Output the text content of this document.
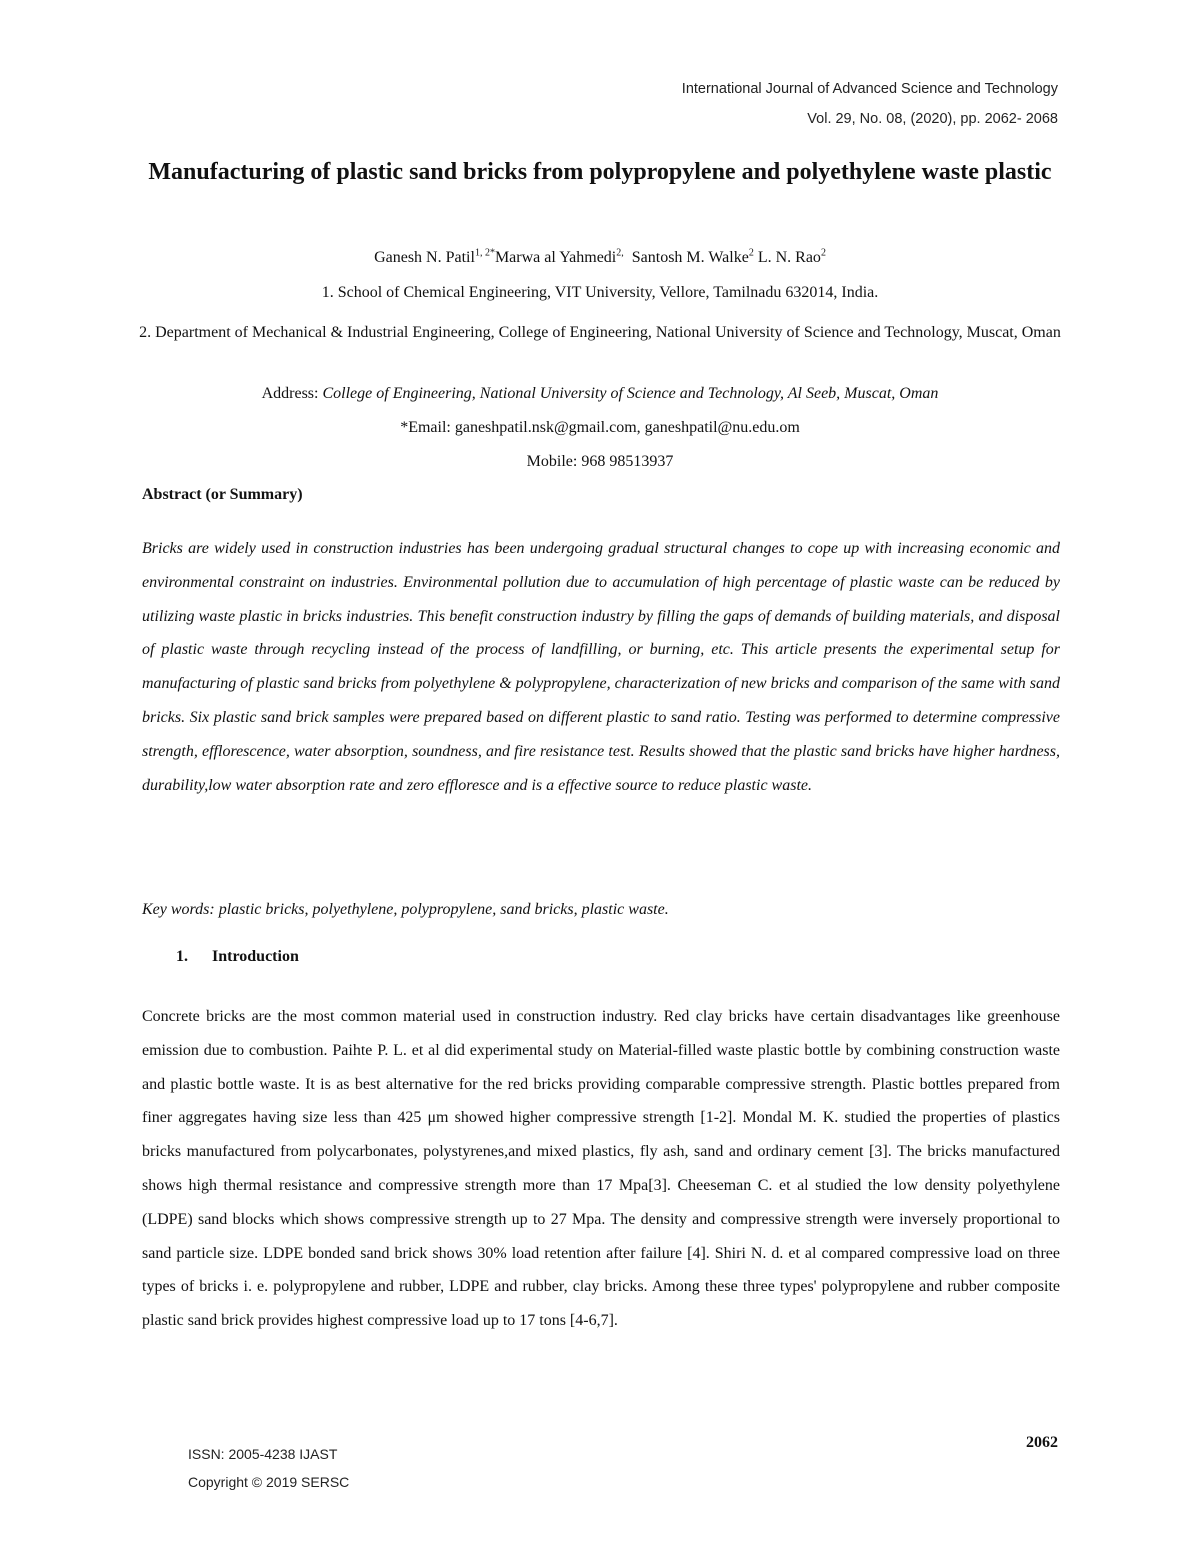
International Journal of Advanced Science and Technology
Vol. 29, No. 08, (2020), pp. 2062- 2068
Manufacturing of plastic sand bricks from polypropylene and polyethylene waste plastic
Ganesh N. Patil$^{1, 2*}$Marwa al Yahmedi$^{2,}$ Santosh M. Walke$^2$ L. N. Rao$^2$
1. School of Chemical Engineering, VIT University, Vellore, Tamilnadu 632014, India.
2. Department of Mechanical & Industrial Engineering, College of Engineering, National University of Science and Technology, Muscat, Oman
Address: College of Engineering, National University of Science and Technology, Al Seeb, Muscat, Oman
*Email: ganeshpatil.nsk@gmail.com, ganeshpatil@nu.edu.om
Mobile: 968 98513937
Abstract (or Summary)
Bricks are widely used in construction industries has been undergoing gradual structural changes to cope up with increasing economic and environmental constraint on industries. Environmental pollution due to accumulation of high percentage of plastic waste can be reduced by utilizing waste plastic in bricks industries. This benefit construction industry by filling the gaps of demands of building materials, and disposal of plastic waste through recycling instead of the process of landfilling, or burning, etc. This article presents the experimental setup for manufacturing of plastic sand bricks from polyethylene & polypropylene, characterization of new bricks and comparison of the same with sand bricks. Six plastic sand brick samples were prepared based on different plastic to sand ratio. Testing was performed to determine compressive strength, efflorescence, water absorption, soundness, and fire resistance test. Results showed that the plastic sand bricks have higher hardness, durability,low water absorption rate and zero effloresce and is a effective source to reduce plastic waste.
Key words: plastic bricks, polyethylene, polypropylene, sand bricks, plastic waste.
1. Introduction
Concrete bricks are the most common material used in construction industry. Red clay bricks have certain disadvantages like greenhouse emission due to combustion. Paihte P. L. et al did experimental study on Material-filled waste plastic bottle by combining construction waste and plastic bottle waste. It is as best alternative for the red bricks providing comparable compressive strength. Plastic bottles prepared from finer aggregates having size less than 425 μm showed higher compressive strength [1-2]. Mondal M. K. studied the properties of plastics bricks manufactured from polycarbonates, polystyrenes,and mixed plastics, fly ash, sand and ordinary cement [3]. The bricks manufactured shows high thermal resistance and compressive strength more than 17 Mpa[3]. Cheeseman C. et al studied the low density polyethylene (LDPE) sand blocks which shows compressive strength up to 27 Mpa. The density and compressive strength were inversely proportional to sand particle size. LDPE bonded sand brick shows 30% load retention after failure [4]. Shiri N. d. et al compared compressive load on three types of bricks i. e. polypropylene and rubber, LDPE and rubber, clay bricks. Among these three types' polypropylene and rubber composite plastic sand brick provides highest compressive load up to 17 tons [4-6,7].
ISSN: 2005-4238 IJAST
Copyright © 2019 SERSC
2062
